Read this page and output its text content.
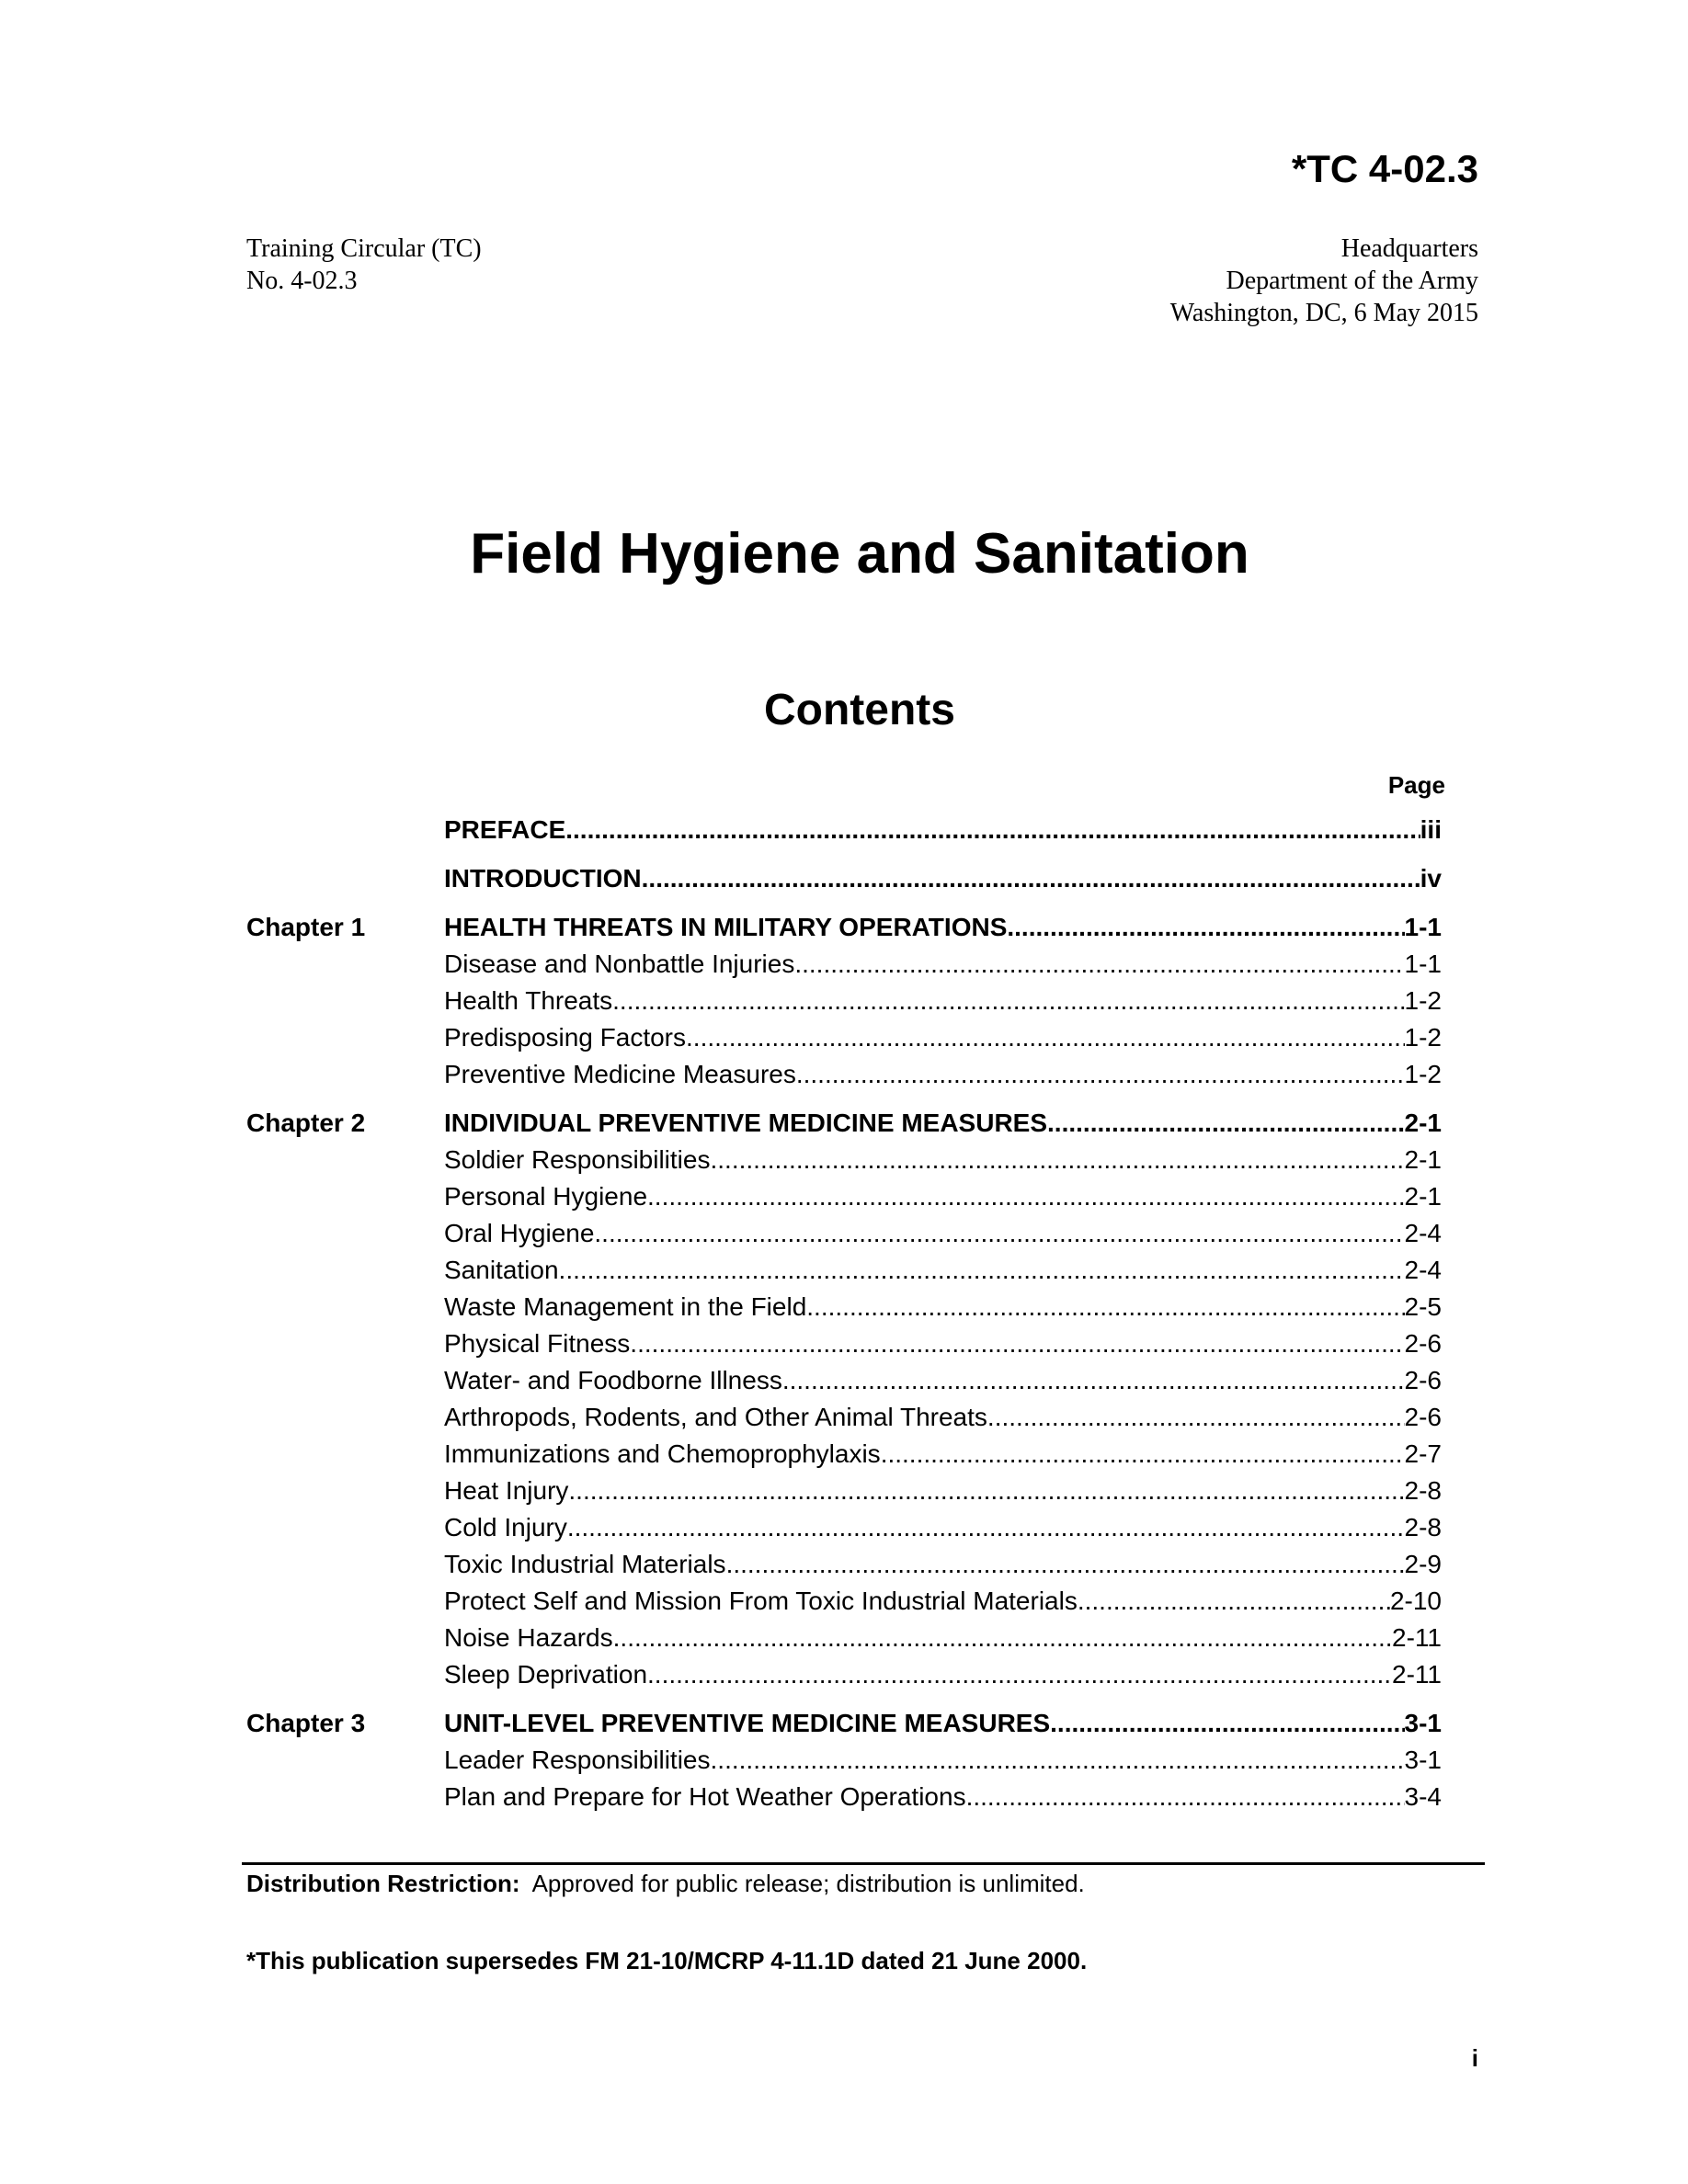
*TC 4-02.3
Training Circular (TC)
No. 4-02.3
Headquarters
Department of the Army
Washington, DC, 6 May 2015
Field Hygiene and Sanitation
Contents
Page
PREFACE .....	iii
INTRODUCTION .....	iv
Chapter 1	HEALTH THREATS IN MILITARY OPERATIONS .....	1-1
Disease and Nonbattle Injuries .....	1-1
Health Threats .....	1-2
Predisposing Factors .....	1-2
Preventive Medicine Measures .....	1-2
Chapter 2	INDIVIDUAL PREVENTIVE MEDICINE MEASURES .....	2-1
Soldier Responsibilities .....	2-1
Personal Hygiene .....	2-1
Oral Hygiene .....	2-4
Sanitation .....	2-4
Waste Management in the Field .....	2-5
Physical Fitness .....	2-6
Water- and Foodborne Illness .....	2-6
Arthropods, Rodents, and Other Animal Threats .....	2-6
Immunizations and Chemoprophylaxis .....	2-7
Heat Injury .....	2-8
Cold Injury .....	2-8
Toxic Industrial Materials .....	2-9
Protect Self and Mission From Toxic Industrial Materials .....	2-10
Noise Hazards .....	2-11
Sleep Deprivation .....	2-11
Chapter 3	UNIT-LEVEL PREVENTIVE MEDICINE MEASURES .....	3-1
Leader Responsibilities .....	3-1
Plan and Prepare for Hot Weather Operations .....	3-4
Distribution Restriction: Approved for public release; distribution is unlimited.
*This publication supersedes FM 21-10/MCRP 4-11.1D dated 21 June 2000.
i
